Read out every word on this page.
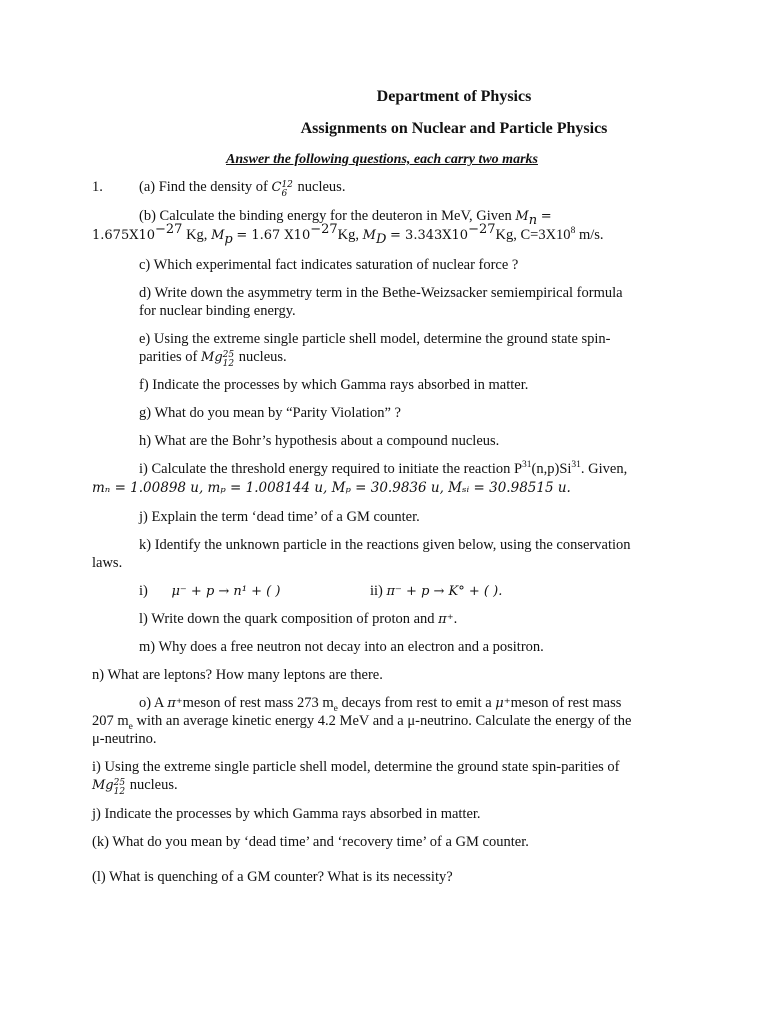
Department of Physics
Assignments on Nuclear and Particle Physics
Answer the following questions, each carry two marks
1. (a) Find the density of C 12
6 nucleus.
(b) Calculate the binding energy for the deuteron in MeV, Given $M_n$ =
$1.675X10^{-27}$ Kg, $M_p = 1.67$ $X10^{-27}Kg$, $M_D = 3.343X10^{-27}Kg$, $C=3X10^8$ m/s.
c) Which experimental fact indicates saturation of nuclear force ?
d) Write down the asymmetry term in the Bethe-Weizsacker semiempirical formula
for nuclear binding energy.
e) Using the extreme single particle shell model, determine the ground state spin-
parities of Mg 25
12 nucleus.
f) Indicate the processes by which Gamma rays absorbed in matter.
g) What do you mean by “Parity Violation” ?
h) What are the Bohr’s hypothesis about a compound nucleus.
i) Calculate the threshold energy required to initiate the reaction $P^{31}(n,p)Si^{31}$. Given,
mₙ = 1.00898 u, mₚ = 1.008144 u, Mₚ = 30.9836 u, Mₛᵢ = 30.98515 u.
j) Explain the term ‘dead time’ of a GM counter.
k) Identify the unknown particle in the reactions given below, using the conservation
laws.
i) μ⁻ + p → n¹ + ( )	ii) π⁻ + p → K° + ( ).
l) Write down the quark composition of proton and π⁺.
m) Why does a free neutron not decay into an electron and a positron.
n) What are leptons? How many leptons are there.
o) A π⁺meson of rest mass 273 $m_e$ decays from rest to emit a μ⁺meson of rest mass
207 $m_e$ with an average kinetic energy 4.2 MeV and a μ-neutrino. Calculate the energy of the
μ-neutrino.
i) Using the extreme single particle shell model, determine the ground state spin-parities of
Mg 25
12 nucleus.
j) Indicate the processes by which Gamma rays absorbed in matter.
(k) What do you mean by ‘dead time’ and ‘recovery time’ of a GM counter.
(l) What is quenching of a GM counter? What is its necessity?
